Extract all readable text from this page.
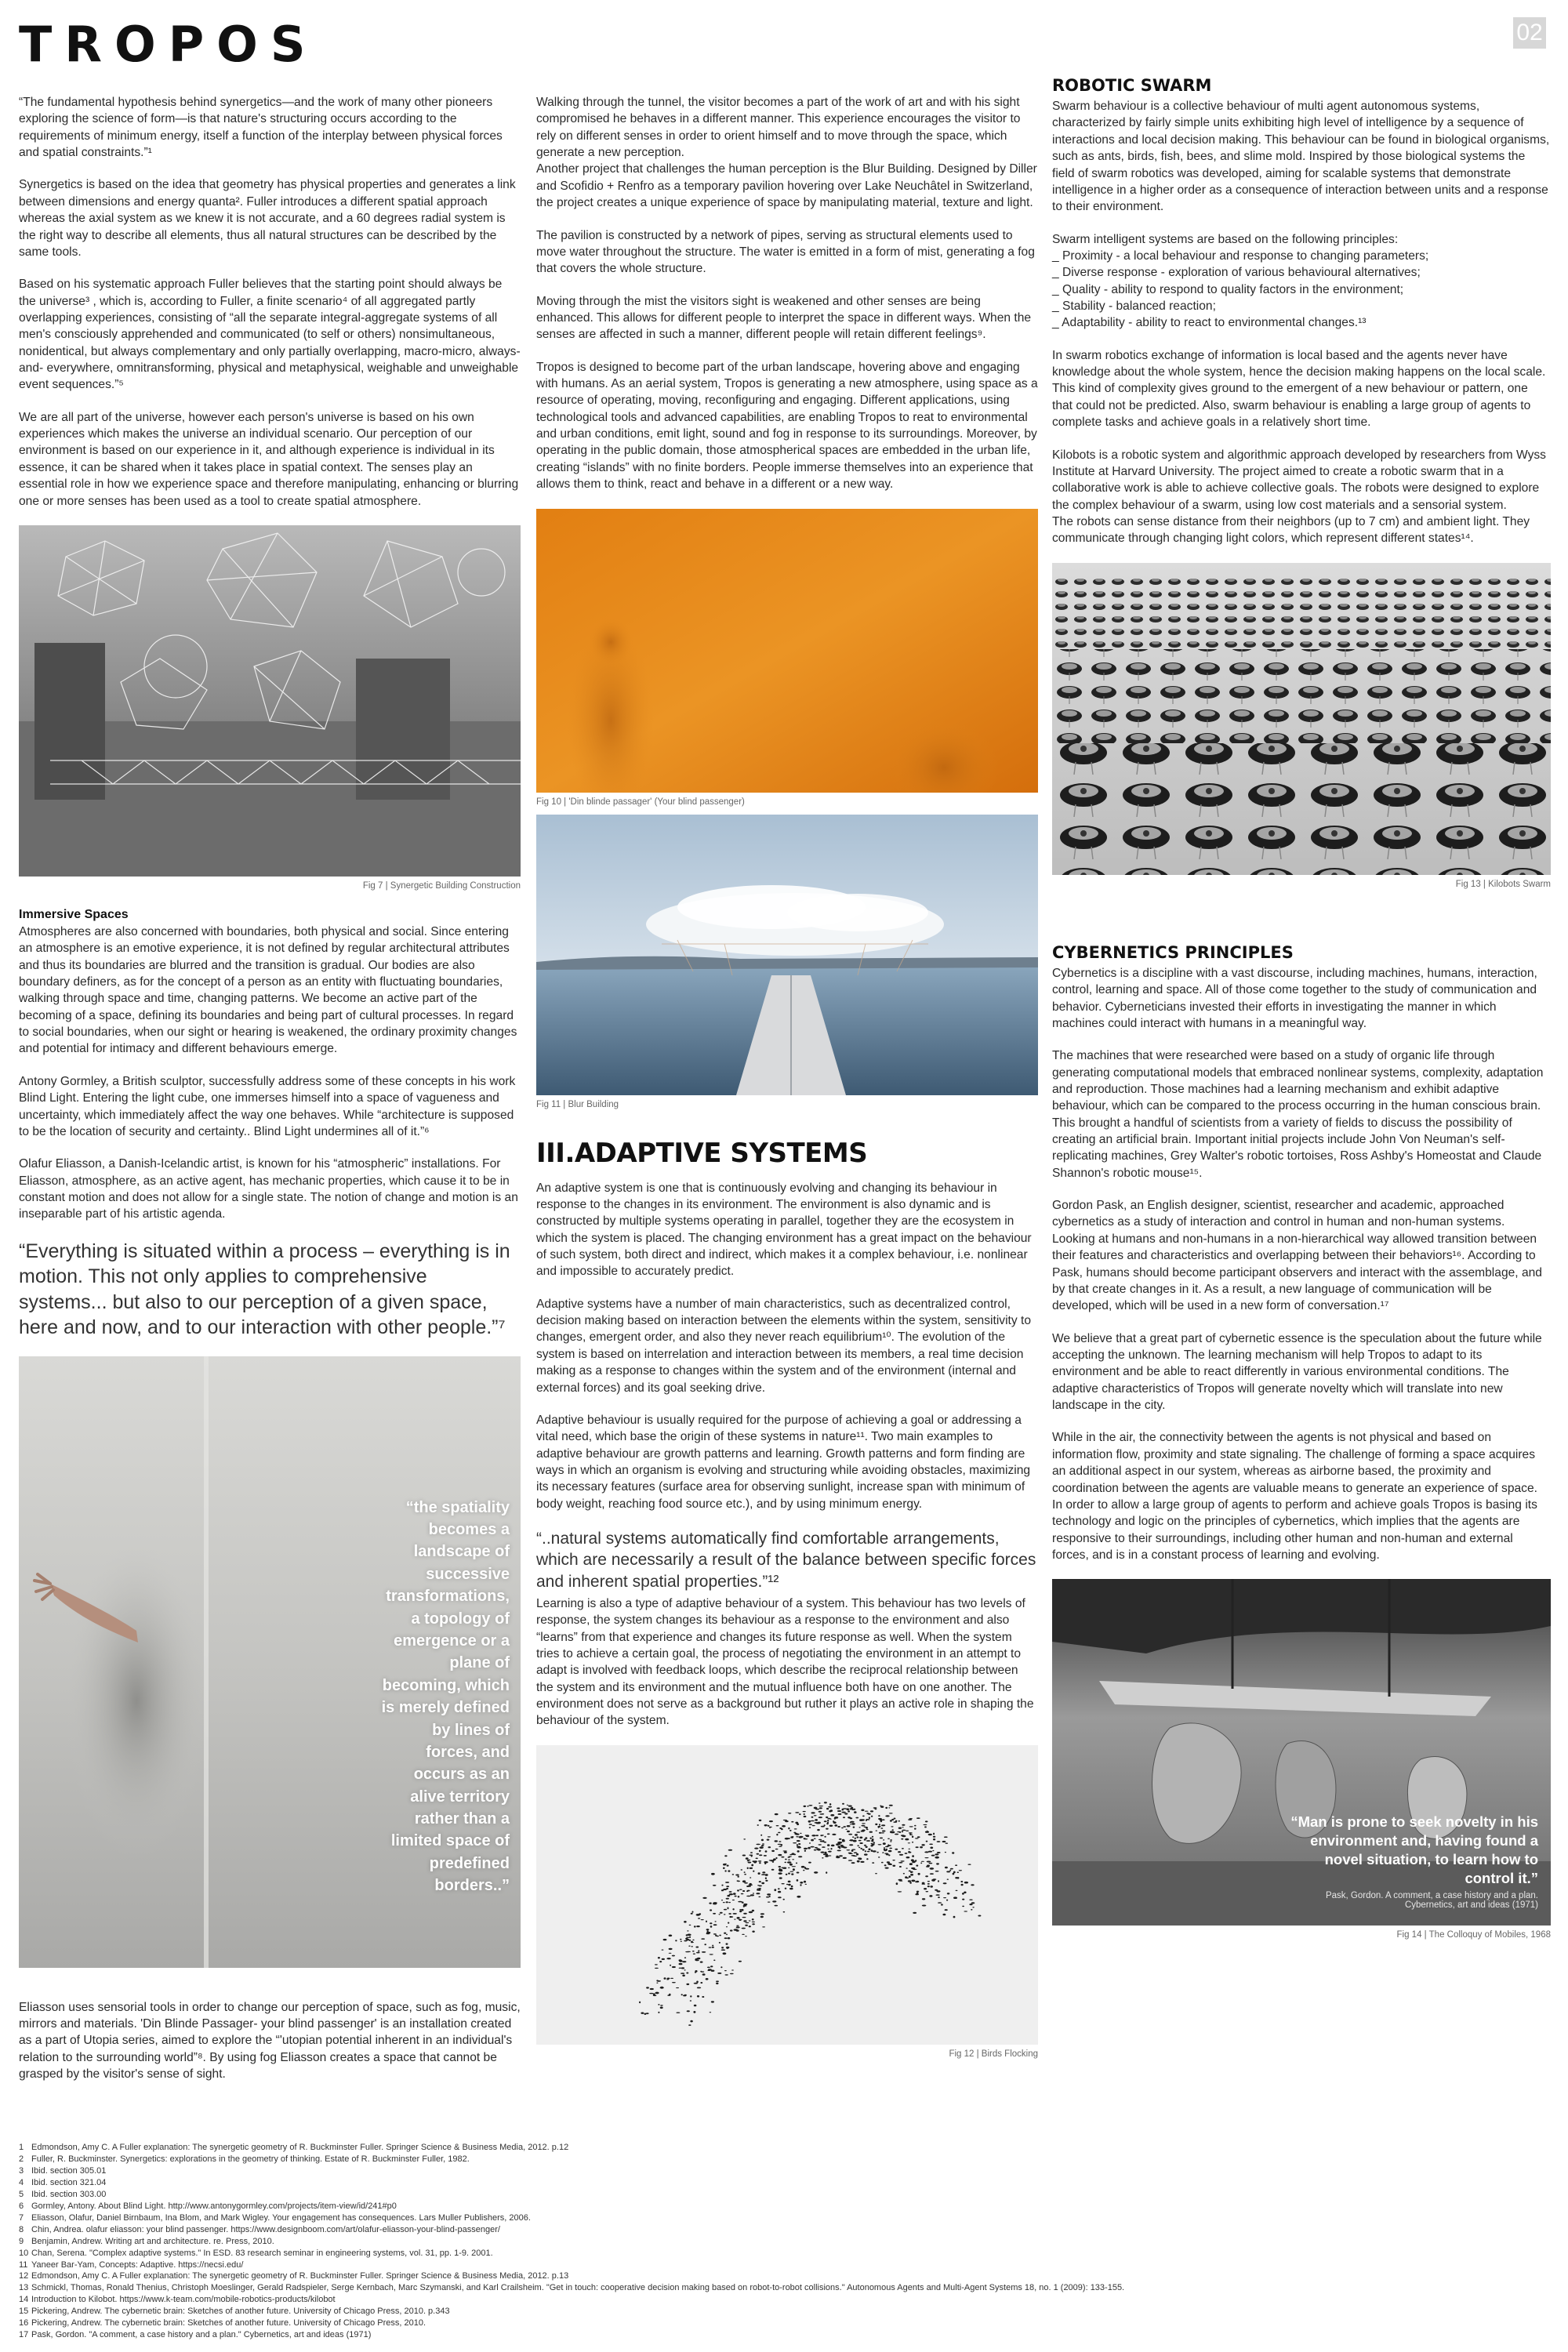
TROPOS	02

“The fundamental hypothesis behind synergetics—and the work of many other pioneers exploring the science of form—is that nature's structuring occurs according to the requirements of minimum energy, itself a function of the interplay between physical forces and spatial constraints.”¹

Synergetics is based on the idea that geometry has physical properties and generates a link between dimensions and energy quanta². Fuller introduces a different spatial approach whereas the axial system as we knew it is not accurate, and a 60 degrees radial system is the right way to describe all elements, thus all natural structures can be described by the same tools.

Based on his systematic approach Fuller believes that the starting point should always be the universe³ , which is, according to Fuller, a finite scenario⁴ of all aggregated partly overlapping experiences, consisting of “all the separate integral-aggregate systems of all men's consciously apprehended and communicated (to self or others) nonsimultaneous, nonidentical, but always complementary and only partially overlapping, macro-micro, always-and- everywhere, omnitransforming, physical and metaphysical, weighable and unweighable event sequences.”⁵

We are all part of the universe, however each person's universe is based on his own experiences which makes the universe an individual scenario. Our perception of our environment is based on our experience in it, and although experience is individual in its essence, it can be shared when it takes place in spatial context. The senses play an essential role in how we experience space and therefore manipulating, enhancing or blurring one or more senses has been used as a tool to create spatial atmosphere.

Fig 7 | Synergetic Building Construction
Immersive Spaces

Atmospheres are also concerned with boundaries, both physical and social. Since entering an atmosphere is an emotive experience, it is not defined by regular architectural attributes and thus its boundaries are blurred and the transition is gradual. Our bodies are also boundary definers, as for the concept of a person as an entity with fluctuating boundaries, walking through space and time, changing patterns. We become an active part of the becoming of a space, defining its boundaries and being part of cultural processes. In regard to social boundaries, when our sight or hearing is weakened, the ordinary proximity changes and potential for intimacy and different behaviours emerge.

Antony Gormley, a British sculptor, successfully address some of these concepts in his work Blind Light. Entering the light cube, one immerses himself into a space of vagueness and uncertainty, which immediately affect the way one behaves. While “architecture is supposed to be the location of security and certainty.. Blind Light undermines all of it.”⁶

Olafur Eliasson, a Danish-Icelandic artist, is known for his “atmospheric” installations. For Eliasson, atmosphere, as an active agent, has mechanic properties, which cause it to be in constant motion and does not allow for a single state. The notion of change and motion is an inseparable part of his artistic agenda.

“Everything is situated within a process – everything is in motion. This not only applies to comprehensive systems... but also to our perception of a given space, here and now, and to our interaction with other people.”⁷
“the spatiality becomes a landscape of successive transformations, a topology of emergence or a plane of becoming, which is merely defined by lines of forces, and occurs as an alive territory rather than a limited space of predefined borders..”

Eliasson uses sensorial tools in order to change our perception of space, such as fog, music, mirrors and materials. 'Din Blinde Passager- your blind passenger' is an installation created as a part of Utopia series, aimed to explore the “'utopian potential inherent in an individual's relation to the surrounding world”⁸. By using fog Eliasson creates a space that cannot be grasped by the visitor's sense of sight.

Walking through the tunnel, the visitor becomes a part of the work of art and with his sight compromised he behaves in a different manner. This experience encourages the visitor to rely on different senses in order to orient himself and to move through the space, which generate a new perception.

Another project that challenges the human perception is the Blur Building. Designed by Diller and Scofidio + Renfro as a temporary pavilion hovering over Lake Neuchâtel in Switzerland, the project creates a unique experience of space by manipulating material, texture and light.

The pavilion is constructed by a network of pipes, serving as structural elements used to move water throughout the structure. The water is emitted in a form of mist, generating a fog that covers the whole structure.

Moving through the mist the visitors sight is weakened and other senses are being enhanced. This allows for different people to interpret the space in different ways. When the senses are affected in such a manner, different people will retain different feelings⁹.

Tropos is designed to become part of the urban landscape, hovering above and engaging with humans. As an aerial system, Tropos is generating a new atmosphere, using space as a resource of operating, moving, reconfiguring and engaging. Different applications, using technological tools and advanced capabilities, are enabling Tropos to reat to environmental and urban conditions, emit light, sound and fog in response to its surroundings. Moreover, by operating in the public domain, those atmospherical spaces are embedded in the urban life, creating “islands” with no finite borders. People immerse themselves into an experience that allows them to think, react and behave in a different or a new way.

Fig 10 | 'Din blinde passager' (Your blind passenger)
Fig 11 | Blur Building
III.ADAPTIVE SYSTEMS

An adaptive system is one that is continuously evolving and changing its behaviour in response to the changes in its environment. The environment is also dynamic and is constructed by multiple systems operating in parallel, together they are the ecosystem in which the system is placed. The changing environment has a great impact on the behaviour of such system, both direct and indirect, which makes it a complex behaviour, i.e. nonlinear and impossible to accurately predict.

Adaptive systems have a number of main characteristics, such as decentralized control, decision making based on interaction between the elements within the system, sensitivity to changes, emergent order, and also they never reach equilibrium¹⁰. The evolution of the system is based on interrelation and interaction between its members, a real time decision making as a response to changes within the system and of the environment (internal and external forces) and its goal seeking drive.

Adaptive behaviour is usually required for the purpose of achieving a goal or addressing a vital need, which base the origin of these systems in nature¹¹. Two main examples to adaptive behaviour are growth patterns and learning. Growth patterns and form finding are ways in which an organism is evolving and structuring while avoiding obstacles, maximizing its necessary features (surface area for observing sunlight, increase span with minimum of body weight, reaching food source etc.), and by using minimum energy.

“..natural systems automatically find comfortable arrangements, which are necessarily a result of the balance between specific forces and inherent spatial properties.”¹²

Learning is also a type of adaptive behaviour of a system. This behaviour has two levels of response, the system changes its behaviour as a response to the environment and also “learns” from that experience and changes its future response as well. When the system tries to achieve a certain goal, the process of negotiating the environment in an attempt to adapt is involved with feedback loops, which describe the reciprocal relationship between the system and its environment and the mutual influence both have on one another. The environment does not serve as a background but ruther it plays an active role in shaping the behaviour of the system.

Fig 12 | Birds Flocking
ROBOTIC SWARM

Swarm behaviour is a collective behaviour of multi agent autonomous systems, characterized by fairly simple units exhibiting high level of intelligence by a sequence of interactions and local decision making. This behaviour can be found in biological organisms, such as ants, birds, fish, bees, and slime mold. Inspired by those biological systems the field of swarm robotics was developed, aiming for scalable systems that demonstrate intelligence in a higher order as a consequence of interaction between units and a response to their environment.

Swarm intelligent systems are based on the following principles:

_ Proximity - a local behaviour and response to changing parameters;
_ Diverse response - exploration of various behavioural alternatives;
_ Quality - ability to respond to quality factors in the environment;
_ Stability - balanced reaction;
_ Adaptability - ability to react to environmental changes.¹³

In swarm robotics exchange of information is local based and the agents never have knowledge about the whole system, hence the decision making happens on the local scale. This kind of complexity gives ground to the emergent of a new behaviour or pattern, one that could not be predicted. Also, swarm behaviour is enabling a large group of agents to complete tasks and achieve goals in a relatively short time.

Kilobots is a robotic system and algorithmic approach developed by researchers from Wyss Institute at Harvard University. The project aimed to create a robotic swarm that in a collaborative work is able to achieve collective goals. The robots were designed to explore the complex behaviour of a swarm, using low cost materials and a sensorial system.

The robots can sense distance from their neighbors (up to 7 cm) and ambient light. They communicate through changing light colors, which represent different states¹⁴.

Fig 13 | Kilobots Swarm
CYBERNETICS PRINCIPLES

Cybernetics is a discipline with a vast discourse, including machines, humans, interaction, control, learning and space. All of those come together to the study of communication and behavior. Cyberneticians invested their efforts in investigating the manner in which machines could interact with humans in a meaningful way.

The machines that were researched were based on a study of organic life through generating computational models that embraced nonlinear systems, complexity, adaptation and reproduction. Those machines had a learning mechanism and exhibit adaptive behaviour, which can be compared to the process occurring in the human conscious brain. This brought a handful of scientists from a variety of fields to discuss the possibility of creating an artificial brain. Important initial projects include John Von Neuman's self-replicating machines, Grey Walter's robotic tortoises, Ross Ashby's Homeostat and Claude Shannon's robotic mouse¹⁵.

Gordon Pask, an English designer, scientist, researcher and academic, approached cybernetics as a study of interaction and control in human and non-human systems. Looking at humans and non-humans in a non-hierarchical way allowed transition between their features and characteristics and overlapping between their behaviors¹⁶. According to Pask, humans should become participant observers and interact with the assemblage, and by that create changes in it. As a result, a new language of communication will be developed, which will be used in a new form of conversation.¹⁷

We believe that a great part of cybernetic essence is the speculation about the future while accepting the unknown. The learning mechanism will help Tropos to adapt to its environment and be able to react differently in various environmental conditions. The adaptive characteristics of Tropos will generate novelty which will translate into new landscape in the city.

While in the air, the connectivity between the agents is not physical and based on information flow, proximity and state signaling. The challenge of forming a space acquires an additional aspect in our system, whereas as airborne based, the proximity and coordination between the agents are valuable means to generate an experience of space. In order to allow a large group of agents to perform and achieve goals Tropos is basing its technology and logic on the principles of cybernetics, which implies that the agents are responsive to their surroundings, including other human and non-human and external forces, and is in a constant process of learning and evolving.

“Man is prone to seek novelty in his environment and, having found a novel situation, to learn how to control it.”
Pask, Gordon. A comment, a case history and a plan. Cybernetics, art and ideas (1971)
Fig 14 | The Colloquy of Mobiles, 1968
1 Edmondson, Amy C. A Fuller explanation: The synergetic geometry of R. Buckminster Fuller. Springer Science & Business Media, 2012. p.12
2 Fuller, R. Buckminster. Synergetics: explorations in the geometry of thinking. Estate of R. Buckminster Fuller, 1982.
3 Ibid. section 305.01
4 Ibid. section 321.04
5 Ibid. section 303.00
6 Gormley, Antony. About Blind Light. http://www.antonygormley.com/projects/item-view/id/241#p0
7 Eliasson, Olafur, Daniel Birnbaum, Ina Blom, and Mark Wigley. Your engagement has consequences. Lars Muller Publishers, 2006.
8 Chin, Andrea. olafur eliasson: your blind passenger. https://www.designboom.com/art/olafur-eliasson-your-blind-passenger/
9 Benjamin, Andrew. Writing art and architecture. re. Press, 2010.
10 Chan, Serena. "Complex adaptive systems." In ESD. 83 research seminar in engineering systems, vol. 31, pp. 1-9. 2001.
11 Yaneer Bar-Yam, Concepts: Adaptive. https://necsi.edu/
12 Edmondson, Amy C. A Fuller explanation: The synergetic geometry of R. Buckminster Fuller. Springer Science & Business Media, 2012. p.13
13 Schmickl, Thomas, Ronald Thenius, Christoph Moeslinger, Gerald Radspieler, Serge Kernbach, Marc Szymanski, and Karl Crailsheim. "Get in touch: cooperative decision making based on robot-to-robot collisions." Autonomous Agents and Multi-Agent Systems 18, no. 1 (2009): 133-155.
14 Introduction to Kilobot. https://www.k-team.com/mobile-robotics-products/kilobot
15 Pickering, Andrew. The cybernetic brain: Sketches of another future. University of Chicago Press, 2010. p.343
16 Pickering, Andrew. The cybernetic brain: Sketches of another future. University of Chicago Press, 2010.
17 Pask, Gordon. "A comment, a case history and a plan." Cybernetics, art and ideas (1971)
